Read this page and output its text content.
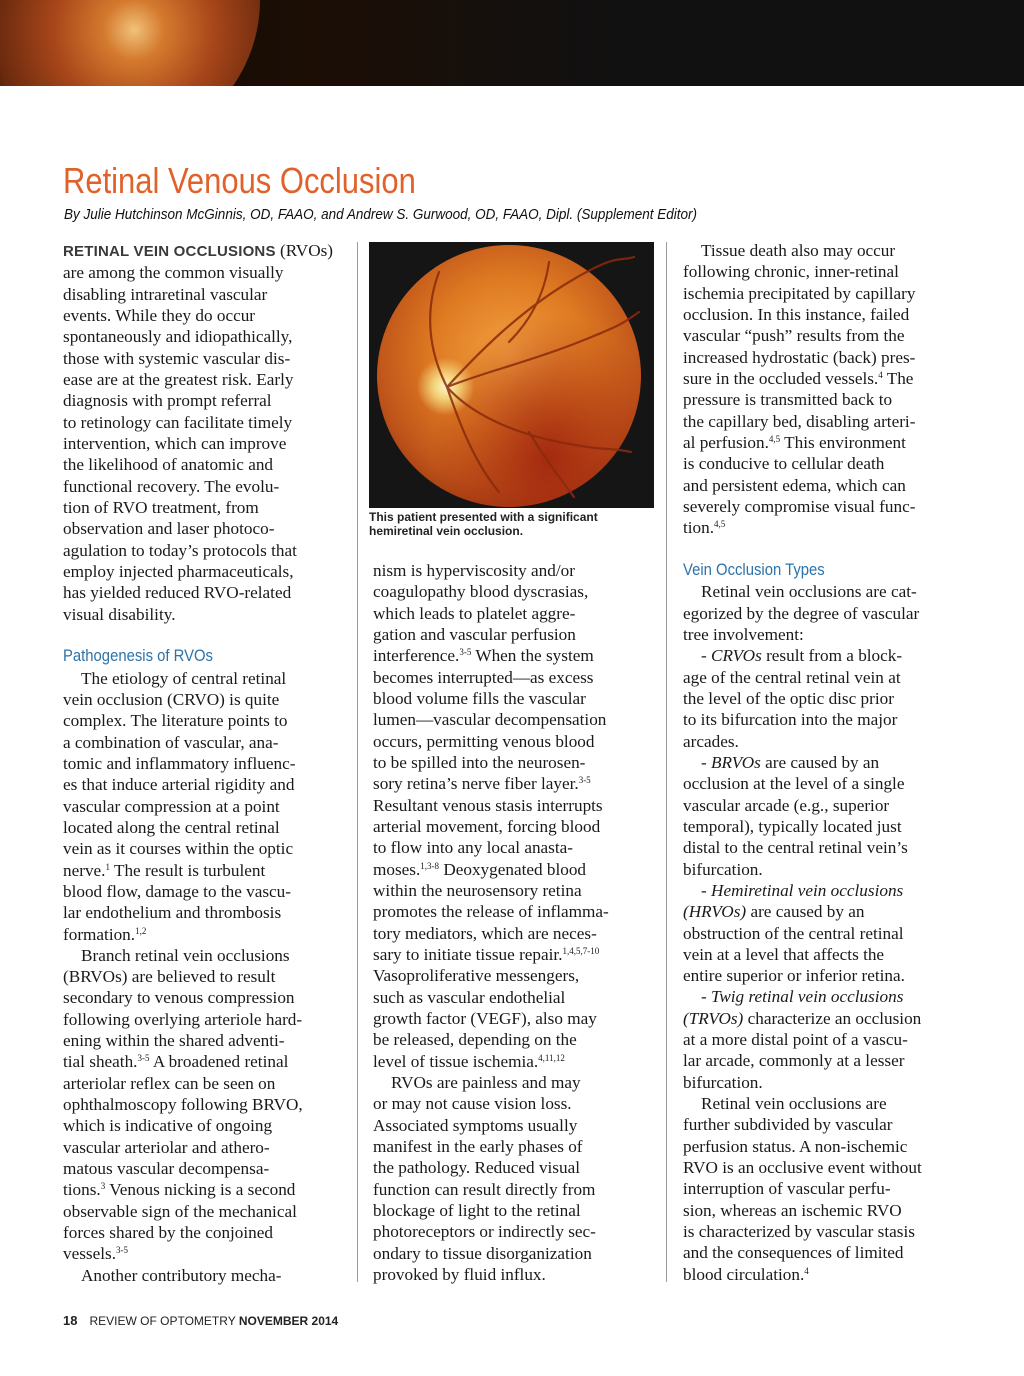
Retinal Venous Occlusion
By Julie Hutchinson McGinnis, OD, FAAO, and Andrew S. Gurwood, OD, FAAO, Dipl. (Supplement Editor)

RETINAL VEIN OCCLUSIONS (RVOs)
are among the common visually
disabling intraretinal vascular
events. While they do occur
spontaneously and idiopathically,
those with systemic vascular dis-
ease are at the greatest risk. Early
diagnosis with prompt referral
to retinology can facilitate timely
intervention, which can improve
the likelihood of anatomic and
functional recovery. The evolu-
tion of RVO treatment, from
observation and laser photoco-
agulation to today’s protocols that
employ injected pharmaceuticals,
has yielded reduced RVO-related
visual disability.

Pathogenesis of RVOs

The etiology of central retinal
vein occlusion (CRVO) is quite
complex. The literature points to
a combination of vascular, ana-
tomic and inflammatory influenc-
es that induce arterial rigidity and
vascular compression at a point
located along the central retinal
vein as it courses within the optic
nerve.$^1$ The result is turbulent
blood flow, damage to the vascu-
lar endothelium and thrombosis
formation.$^{1,2}$

Branch retinal vein occlusions
(BRVOs) are believed to result
secondary to venous compression
following overlying arteriole hard-
ening within the shared adventi-
tial sheath.$^{3-5}$ A broadened retinal
arteriolar reflex can be seen on
ophthalmoscopy following BRVO,
which is indicative of ongoing
vascular arteriolar and athero-
matous vascular decompensa-
tions.$^3$ Venous nicking is a second
observable sign of the mechanical
forces shared by the conjoined
vessels.$^{3-5}$

Another contributory mecha-

This patient presented with a significant
hemiretinal vein occlusion.

nism is hyperviscosity and/or
coagulopathy blood dyscrasias,
which leads to platelet aggre-
gation and vascular perfusion
interference.$^{3-5}$ When the system
becomes interrupted—as excess
blood volume fills the vascular
lumen—vascular decompensation
occurs, permitting venous blood
to be spilled into the neurosen-
sory retina’s nerve fiber layer.$^{3-5}$
Resultant venous stasis interrupts
arterial movement, forcing blood
to flow into any local anasta-
moses.$^{1,3-8}$ Deoxygenated blood
within the neurosensory retina
promotes the release of inflamma-
tory mediators, which are neces-
sary to initiate tissue repair.$^{1,4,5,7-10}$
Vasoproliferative messengers,
such as vascular endothelial
growth factor (VEGF), also may
be released, depending on the
level of tissue ischemia.$^{4,11,12}$

RVOs are painless and may
or may not cause vision loss.
Associated symptoms usually
manifest in the early phases of
the pathology. Reduced visual
function can result directly from
blockage of light to the retinal
photoreceptors or indirectly sec-
ondary to tissue disorganization
provoked by fluid influx.

Tissue death also may occur
following chronic, inner-retinal
ischemia precipitated by capillary
occlusion. In this instance, failed
vascular “push” results from the
increased hydrostatic (back) pres-
sure in the occluded vessels.$^4$ The
pressure is transmitted back to
the capillary bed, disabling arteri-
al perfusion.$^{4,5}$ This environment
is conducive to cellular death
and persistent edema, which can
severely compromise visual func-
tion.$^{4,5}$

Vein Occlusion Types

Retinal vein occlusions are cat-
egorized by the degree of vascular
tree involvement:

- CRVOs result from a block-
age of the central retinal vein at
the level of the optic disc prior
to its bifurcation into the major
arcades.

- BRVOs are caused by an
occlusion at the level of a single
vascular arcade (e.g., superior
temporal), typically located just
distal to the central retinal vein’s
bifurcation.

- Hemiretinal vein occlusions
(HRVOs) are caused by an
obstruction of the central retinal
vein at a level that affects the
entire superior or inferior retina.

- Twig retinal vein occlusions
(TRVOs) characterize an occlusion
at a more distal point of a vascu-
lar arcade, commonly at a lesser
bifurcation.

Retinal vein occlusions are
further subdivided by vascular
perfusion status. A non-ischemic
RVO is an occlusive event without
interruption of vascular perfu-
sion, whereas an ischemic RVO
is characterized by vascular stasis
and the consequences of limited
blood circulation.$^4$

18 REVIEW OF OPTOMETRY NOVEMBER 2014
